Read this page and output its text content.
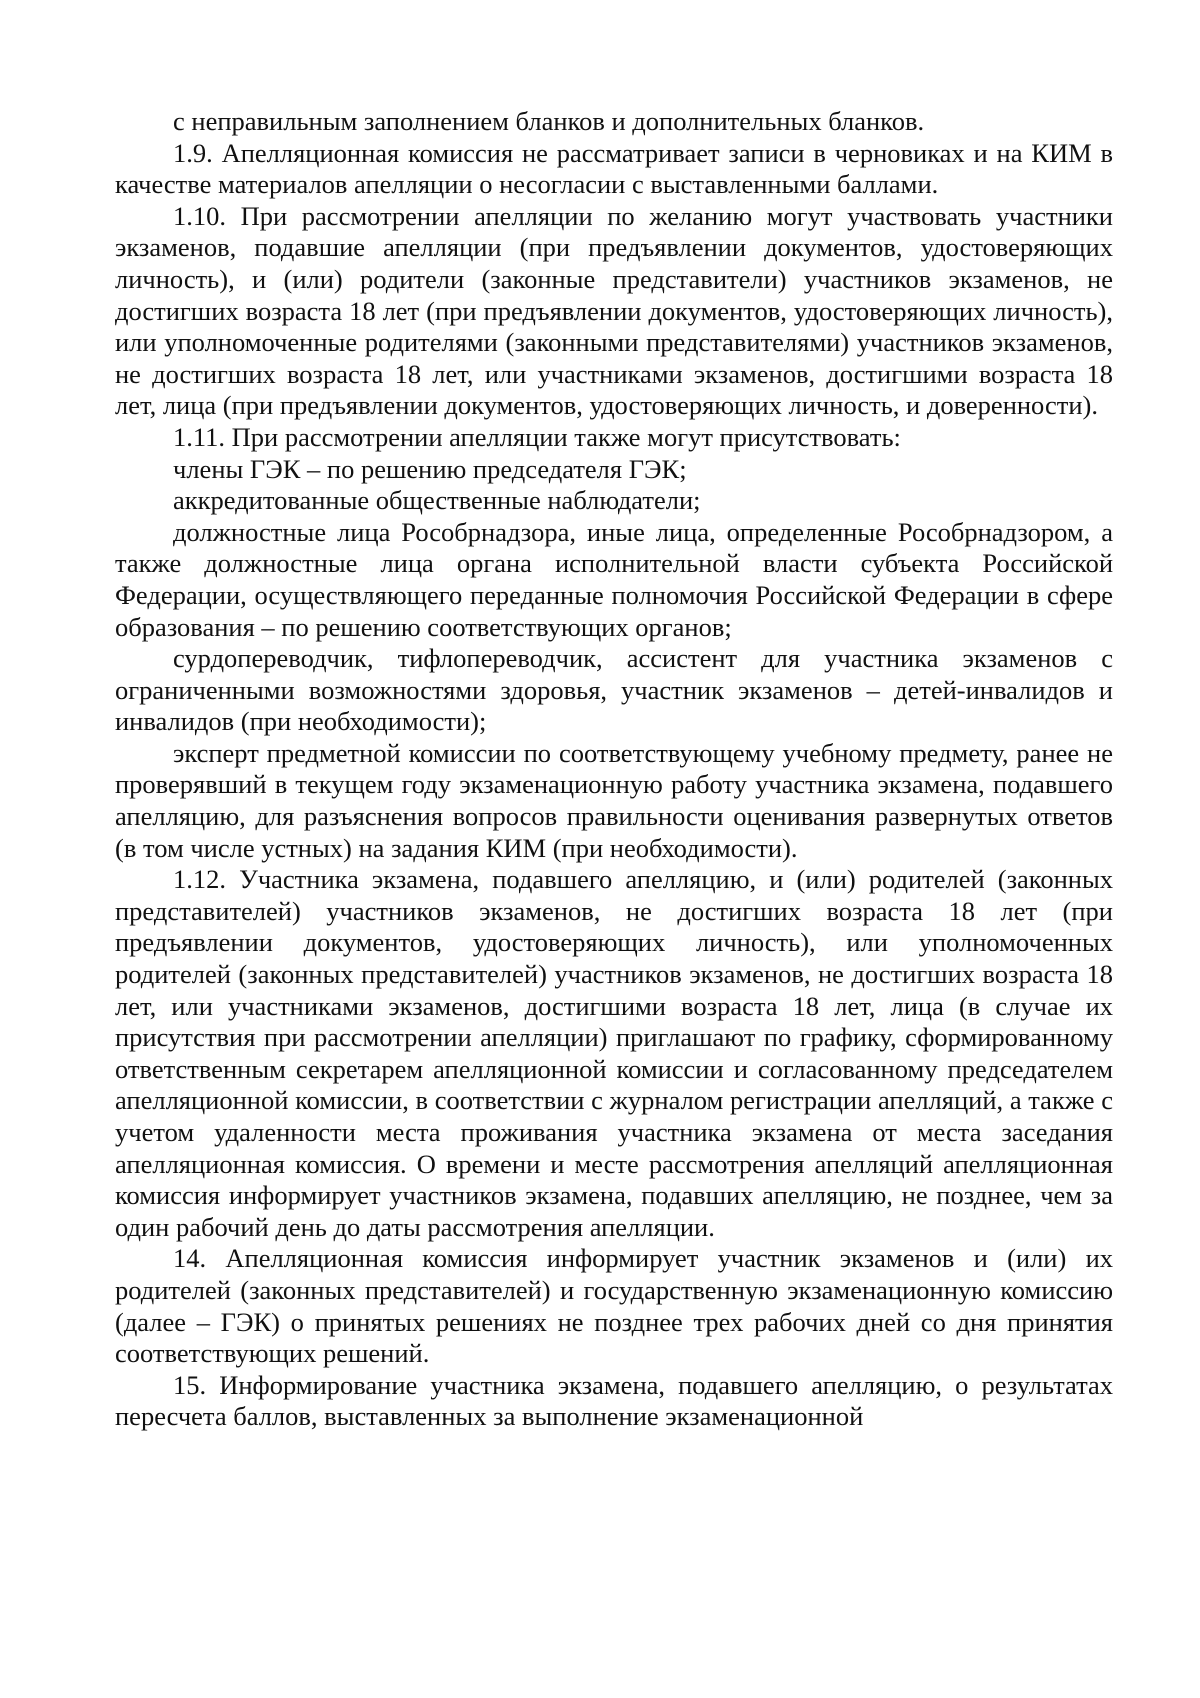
с неправильным заполнением бланков и дополнительных бланков.

1.9. Апелляционная комиссия не рассматривает записи в черновиках и на КИМ в качестве материалов апелляции о несогласии с выставленными баллами.

1.10. При рассмотрении апелляции по желанию могут участвовать участники экзаменов, подавшие апелляции (при предъявлении документов, удостоверяющих личность), и (или) родители (законные представители) участников экзаменов, не достигших возраста 18 лет (при предъявлении документов, удостоверяющих личность), или уполномоченные родителями (законными представителями) участников экзаменов, не достигших возраста 18 лет, или участниками экзаменов, достигшими возраста 18 лет, лица (при предъявлении документов, удостоверяющих личность, и доверенности).

1.11. При рассмотрении апелляции также могут присутствовать:

члены ГЭК – по решению председателя ГЭК;

аккредитованные общественные наблюдатели;

должностные лица Рособрнадзора, иные лица, определенные Рособрнадзором, а также должностные лица органа исполнительной власти субъекта Российской Федерации, осуществляющего переданные полномочия Российской Федерации в сфере образования – по решению соответствующих органов;

сурдопереводчик, тифлопереводчик, ассистент для участника экзаменов с ограниченными возможностями здоровья, участник экзаменов – детей-инвалидов и инвалидов (при необходимости);

эксперт предметной комиссии по соответствующему учебному предмету, ранее не проверявший в текущем году экзаменационную работу участника экзамена, подавшего апелляцию, для разъяснения вопросов правильности оценивания развернутых ответов (в том числе устных) на задания КИМ (при необходимости).

1.12. Участника экзамена, подавшего апелляцию, и (или) родителей (законных представителей) участников экзаменов, не достигших возраста 18 лет (при предъявлении документов, удостоверяющих личность), или уполномоченных родителей (законных представителей) участников экзаменов, не достигших возраста 18 лет, или участниками экзаменов, достигшими возраста 18 лет, лица (в случае их присутствия при рассмотрении апелляции) приглашают по графику, сформированному ответственным секретарем апелляционной комиссии и согласованному председателем апелляционной комиссии, в соответствии с журналом регистрации апелляций, а также с учетом удаленности места проживания участника экзамена от места заседания апелляционная комиссия. О времени и месте рассмотрения апелляций апелляционная комиссия информирует участников экзамена, подавших апелляцию, не позднее, чем за один рабочий день до даты рассмотрения апелляции.

14. Апелляционная комиссия информирует участник экзаменов и (или) их родителей (законных представителей) и государственную экзаменационную комиссию (далее – ГЭК) о принятых решениях не позднее трех рабочих дней со дня принятия соответствующих решений.

15. Информирование участника экзамена, подавшего апелляцию, о результатах пересчета баллов, выставленных за выполнение экзаменационной
